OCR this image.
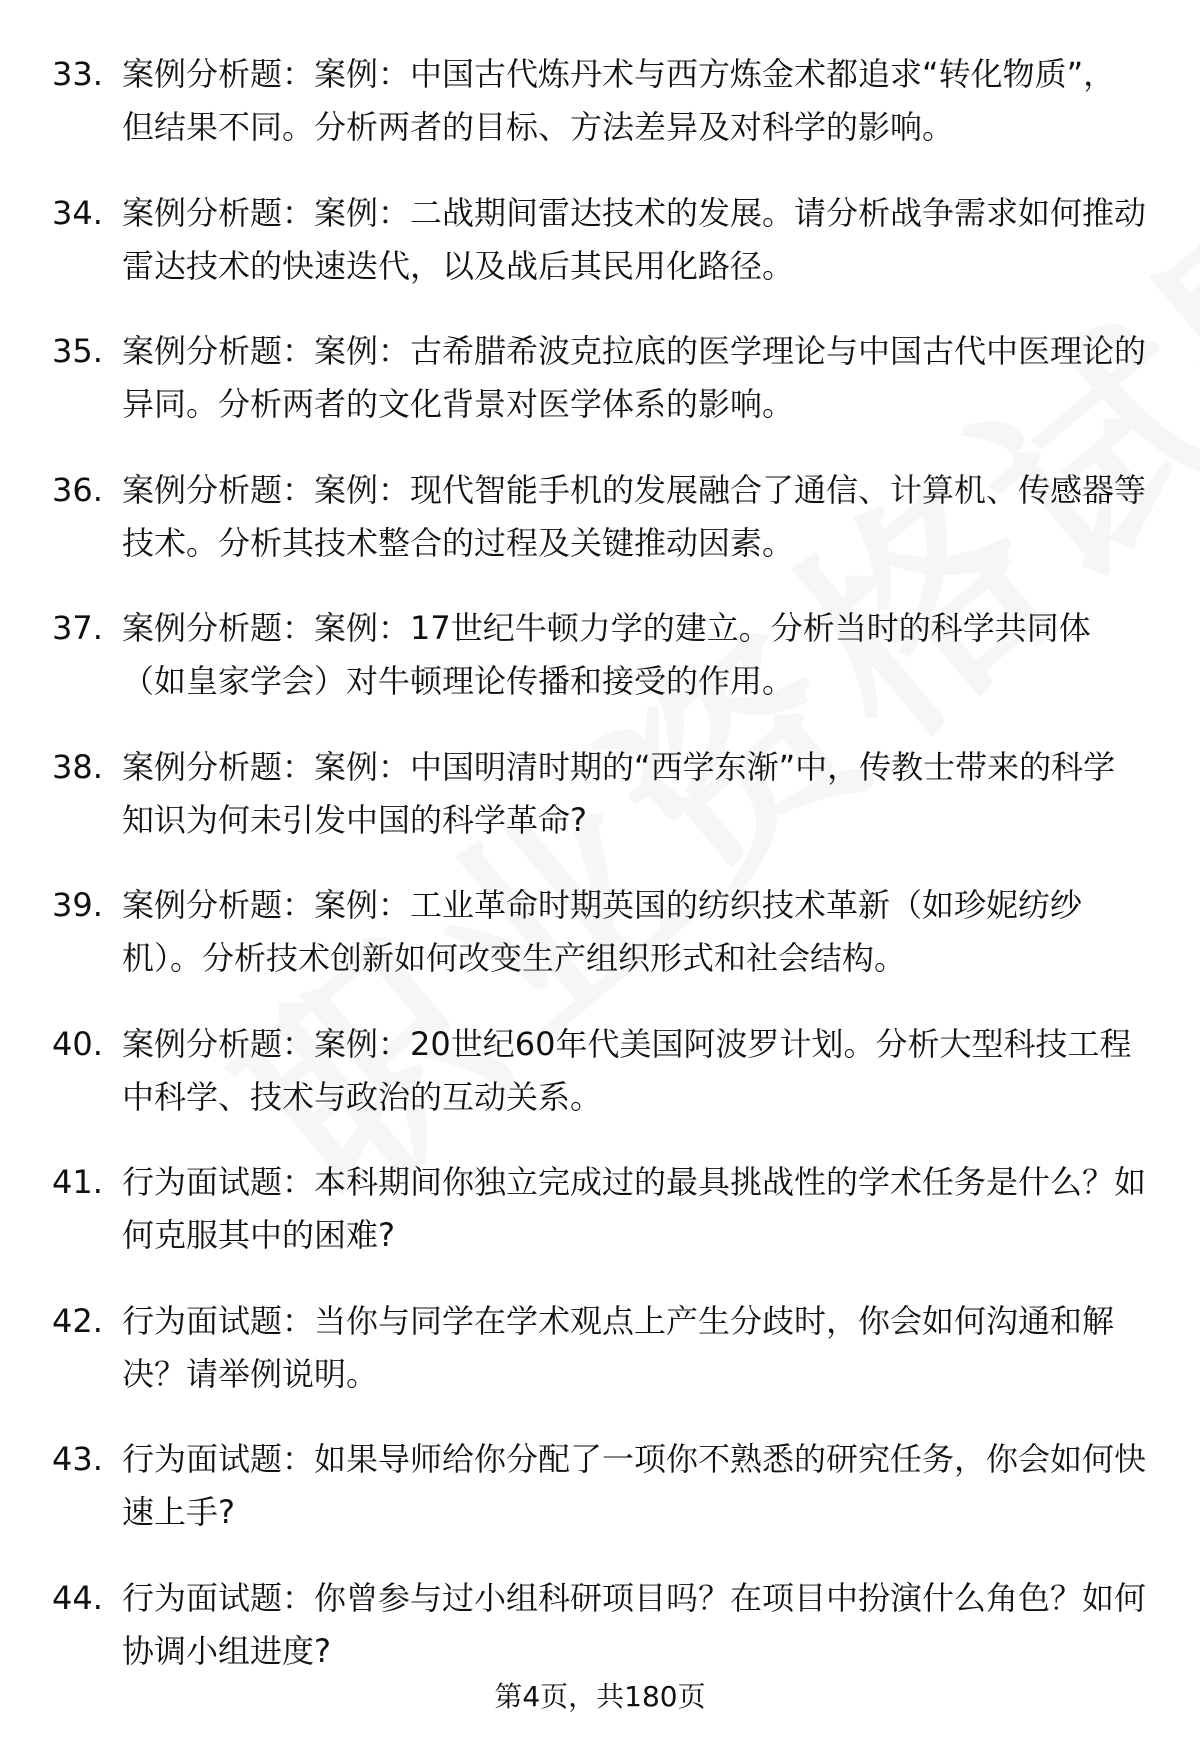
33. 案例分析题：案例：中国古代炼丹术与西方炼金术都追求“转化物质”，但结果不同。分析两者的目标、方法差异及对科学的影响。
34. 案例分析题：案例：二战期间雷达技术的发展。请分析战争需求如何推动雷达技术的快速迭代，以及战后其民用化路径。
35. 案例分析题：案例：古希腊希波克拉底的医学理论与中国古代中医理论的异同。分析两者的文化背景对医学体系的影响。
36. 案例分析题：案例：现代智能手机的发展融合了通信、计算机、传感器等技术。分析其技术整合的过程及关键推动因素。
37. 案例分析题：案例：17世纪牛顿力学的建立。分析当时的科学共同体（如皇家学会）对牛顿理论传播和接受的作用。
38. 案例分析题：案例：中国明清时期的“西学东渐”中，传教士带来的科学知识为何未引发中国的科学革命?
39. 案例分析题：案例：工业革命时期英国的纺织技术革新（如珍妮纺纱机）。分析技术创新如何改变生产组织形式和社会结构。
40. 案例分析题：案例：20世纪60年代美国阿波罗计划。分析大型科技工程中科学、技术与政治的互动关系。
41. 行为面试题：本科期间你独立完成过的最具挑战性的学术任务是什么？如何克服其中的困难?
42. 行为面试题：当你与同学在学术观点上产生分歧时，你会如何沟通和解决？请举例说明。
43. 行为面试题：如果导师给你分配了一项你不熟悉的研究任务，你会如何快速上手?
44. 行为面试题：你曾参与过小组科研项目吗？在项目中扮演什么角色？如何协调小组进度?
第4页，共180页
